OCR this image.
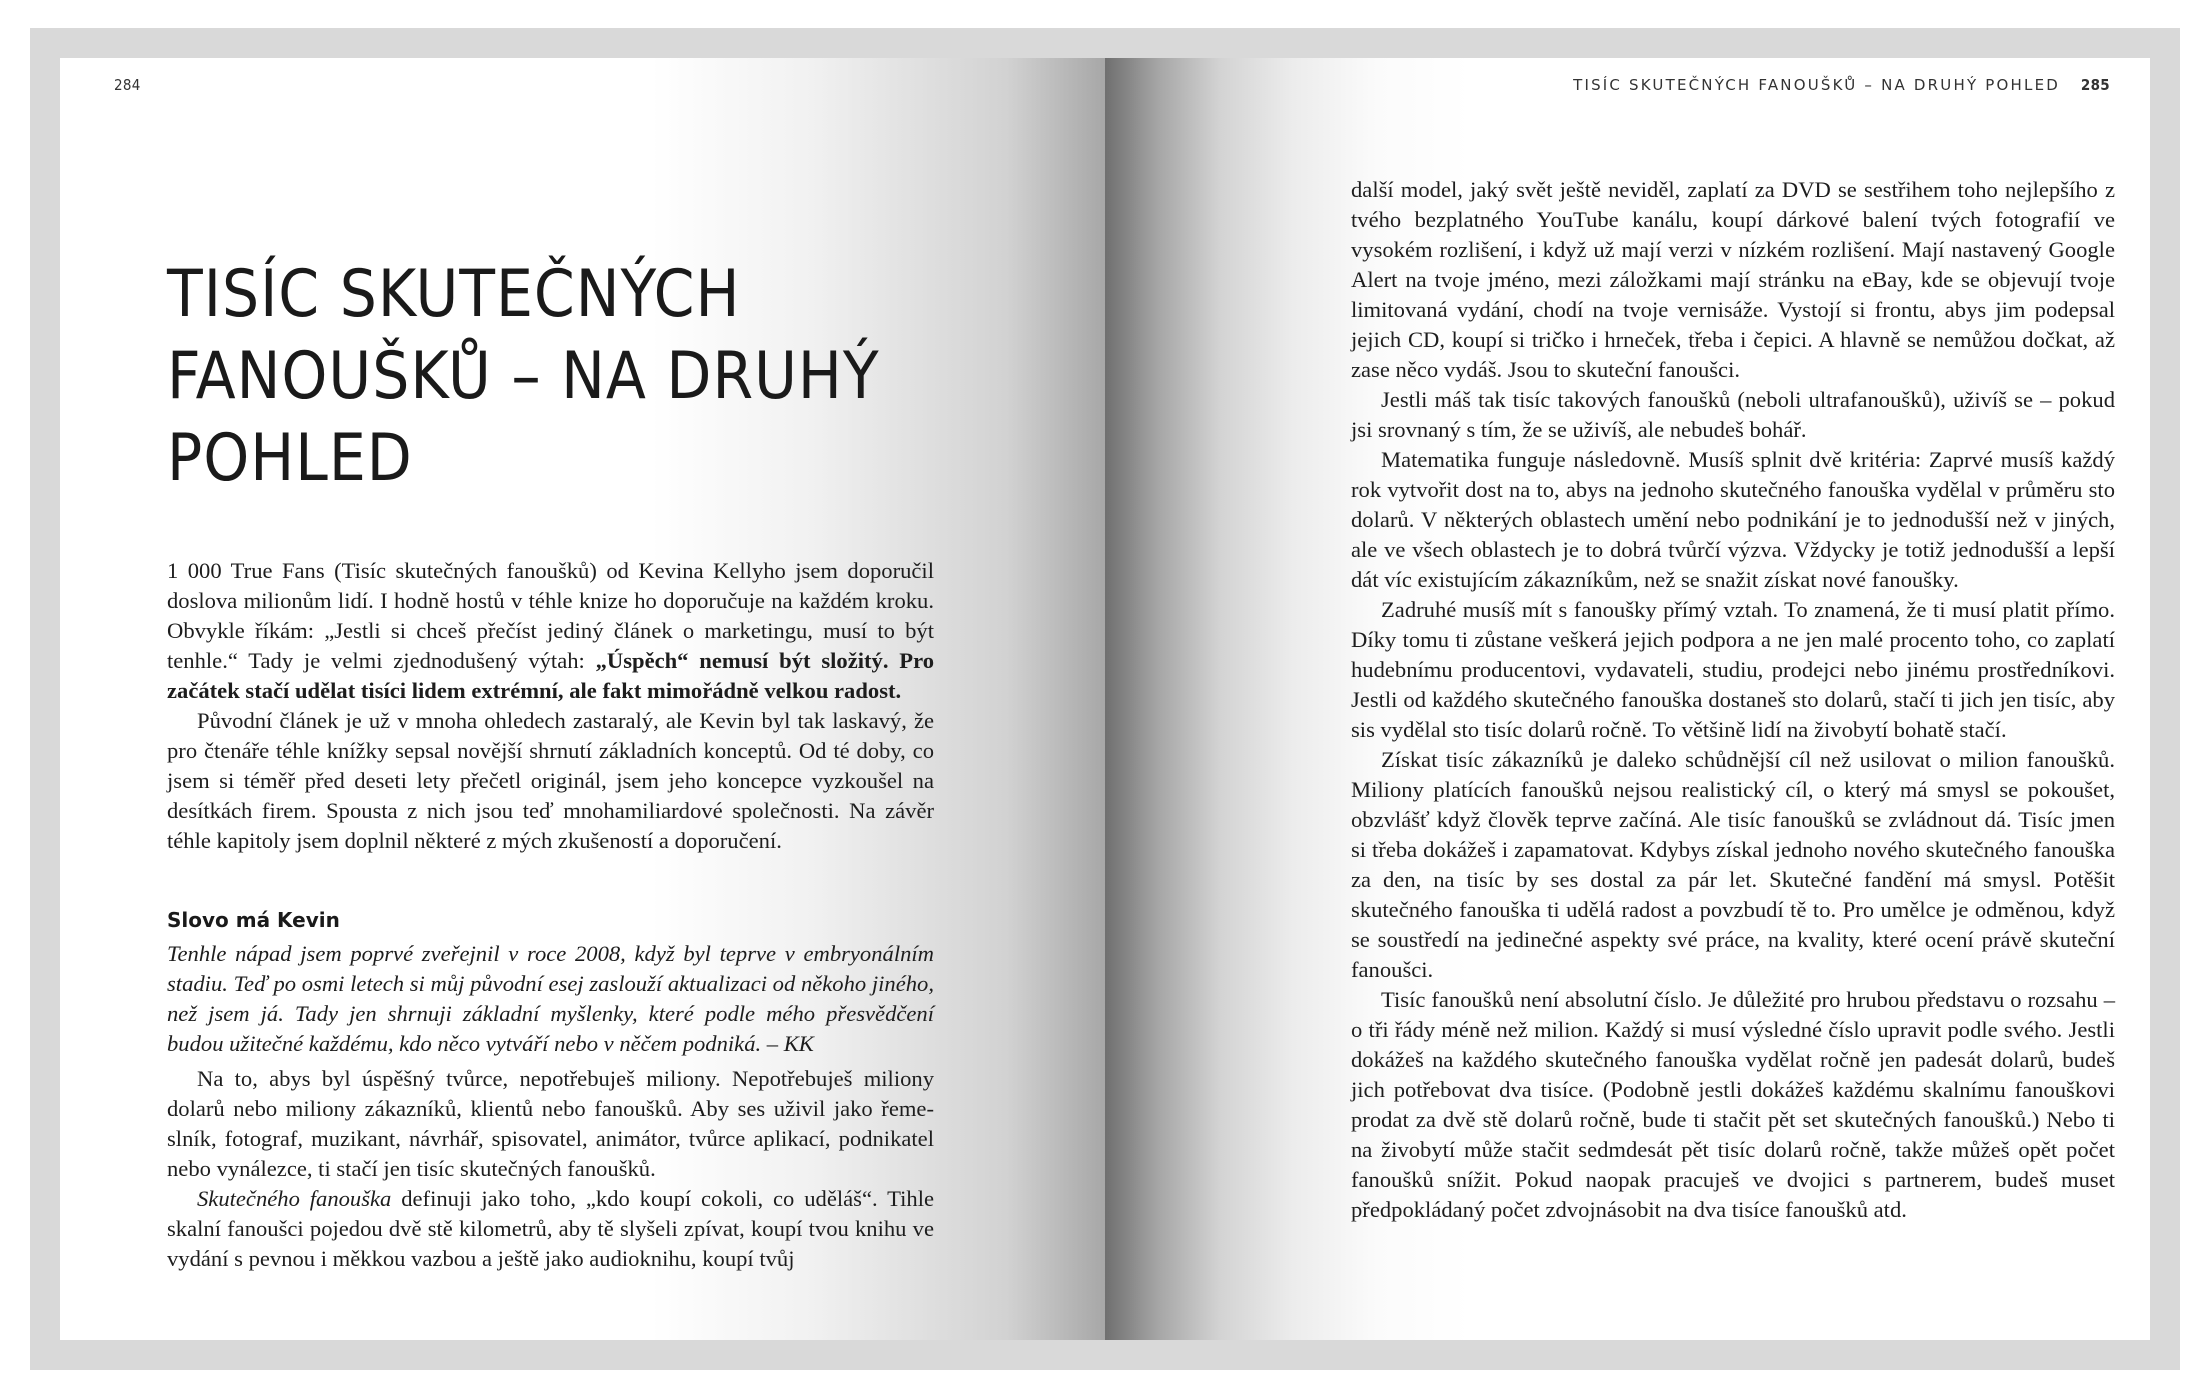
284
TISÍC SKUTEČNÝCH
FANOUŠKŮ – NA DRUHÝ
POHLED

1 000 True Fans (Tisíc skutečných fanoušků) od Kevina Kellyho jsem doporučil doslova milionům lidí. I hodně hostů v téhle knize ho doporučuje na každém kroku. Obvykle říkám: „Jestli si chceš přečíst jediný článek o marketingu, musí to být tenhle.“ Tady je velmi zjednodušený výtah: „Úspěch“ nemusí být složitý. Pro začátek stačí udělat tisíci lidem extrémní, ale fakt mimořádně velkou radost.

Původní článek je už v mnoha ohledech zastaralý, ale Kevin byl tak laskavý, že pro čtenáře téhle knížky sepsal novější shrnutí základních konceptů. Od té doby, co jsem si téměř před deseti lety přečetl originál, jsem jeho koncepce vyzkoušel na desítkách firem. Spousta z nich jsou teď mnohamiliardové společnosti. Na závěr téhle kapitoly jsem doplnil některé z mých zkušeností a doporučení.

Slovo má Kevin

Tenhle nápad jsem poprvé zveřejnil v roce 2008, když byl teprve v embryonálním stadiu. Teď po osmi letech si můj původní esej zaslouží aktualizaci od někoho jiného, než jsem já. Tady jen shrnuji základní myšlenky, které podle mého přesvědčení budou užitečné každému, kdo něco vytváří nebo v něčem podniká. – KK

Na to, abys byl úspěšný tvůrce, nepotřebuješ miliony. Nepotřebuješ miliony dolarů nebo miliony zákazníků, klientů nebo fanoušků. Aby ses uživil jako řemeslník, fotograf, muzikant, návrhář, spisovatel, animátor, tvůrce aplikací, podnikatel nebo vynálezce, ti stačí jen tisíc skutečných fanoušků.

Skutečného fanouška definuji jako toho, „kdo koupí cokoli, co uděláš“. Tihle skalní fanoušci pojedou dvě stě kilometrů, aby tě slyšeli zpívat, koupí tvou knihu ve vydání s pevnou i měkkou vazbou a ještě jako audioknihu, koupí tvůj

TISÍC SKUTEČNÝCH FANOUŠKŮ – NA DRUHÝ POHLED 285

další model, jaký svět ještě neviděl, zaplatí za DVD se sestřihem toho nejlepšího z tvého bezplatného YouTube kanálu, koupí dárkové balení tvých fotografií ve vysokém rozlišení, i když už mají verzi v nízkém rozlišení. Mají nastavený Google Alert na tvoje jméno, mezi záložkami mají stránku na eBay, kde se objevují tvoje limitovaná vydání, chodí na tvoje vernisáže. Vystojí si frontu, abys jim podepsal jejich CD, koupí si tričko i hrneček, třeba i čepici. A hlavně se nemůžou dočkat, až zase něco vydáš. Jsou to skuteční fanoušci.

Jestli máš tak tisíc takových fanoušků (neboli ultrafanoušků), uživíš se – pokud jsi srovnaný s tím, že se uživíš, ale nebudeš bohář.

Matematika funguje následovně. Musíš splnit dvě kritéria: Zaprvé musíš každý rok vytvořit dost na to, abys na jednoho skutečného fanouška vydělal v průměru sto dolarů. V některých oblastech umění nebo podnikání je to jednodušší než v jiných, ale ve všech oblastech je to dobrá tvůrčí výzva. Vždycky je totiž jednodušší a lepší dát víc existujícím zákazníkům, než se snažit získat nové fanoušky.

Zadruhé musíš mít s fanoušky přímý vztah. To znamená, že ti musí platit přímo. Díky tomu ti zůstane veškerá jejich podpora a ne jen malé procento toho, co zaplatí hudebnímu producentovi, vydavateli, studiu, prodejci nebo jinému prostředníkovi. Jestli od každého skutečného fanouška dostaneš sto dolarů, stačí ti jich jen tisíc, aby sis vydělal sto tisíc dolarů ročně. To většině lidí na živobytí bohatě stačí.

Získat tisíc zákazníků je daleko schůdnější cíl než usilovat o milion fanoušků. Miliony platících fanoušků nejsou realistický cíl, o který má smysl se pokoušet, obzvlášť když člověk teprve začíná. Ale tisíc fanoušků se zvládnout dá. Tisíc jmen si třeba dokážeš i zapamatovat. Kdybys získal jednoho nového skutečného fanouška za den, na tisíc by ses dostal za pár let. Skutečné fandění má smysl. Potěšit skutečného fanouška ti udělá radost a povzbudí tě to. Pro umělce je odměnou, když se soustředí na jedinečné aspekty své práce, na kvality, které ocení právě skuteční fanoušci.

Tisíc fanoušků není absolutní číslo. Je důležité pro hrubou představu o rozsahu – o tři řády méně než milion. Každý si musí výsledné číslo upravit podle svého. Jestli dokážeš na každého skutečného fanouška vydělat ročně jen padesát dolarů, budeš jich potřebovat dva tisíce. (Podobně jestli dokážeš každému skalnímu fanouškovi prodat za dvě stě dolarů ročně, bude ti stačit pět set skutečných fanoušků.) Nebo ti na živobytí může stačit sedmdesát pět tisíc dolarů ročně, takže můžeš opět počet fanoušků snížit. Pokud naopak pracuješ ve dvojici s partnerem, budeš muset předpokládaný počet zdvojnásobit na dva tisíce fanoušků atd.
